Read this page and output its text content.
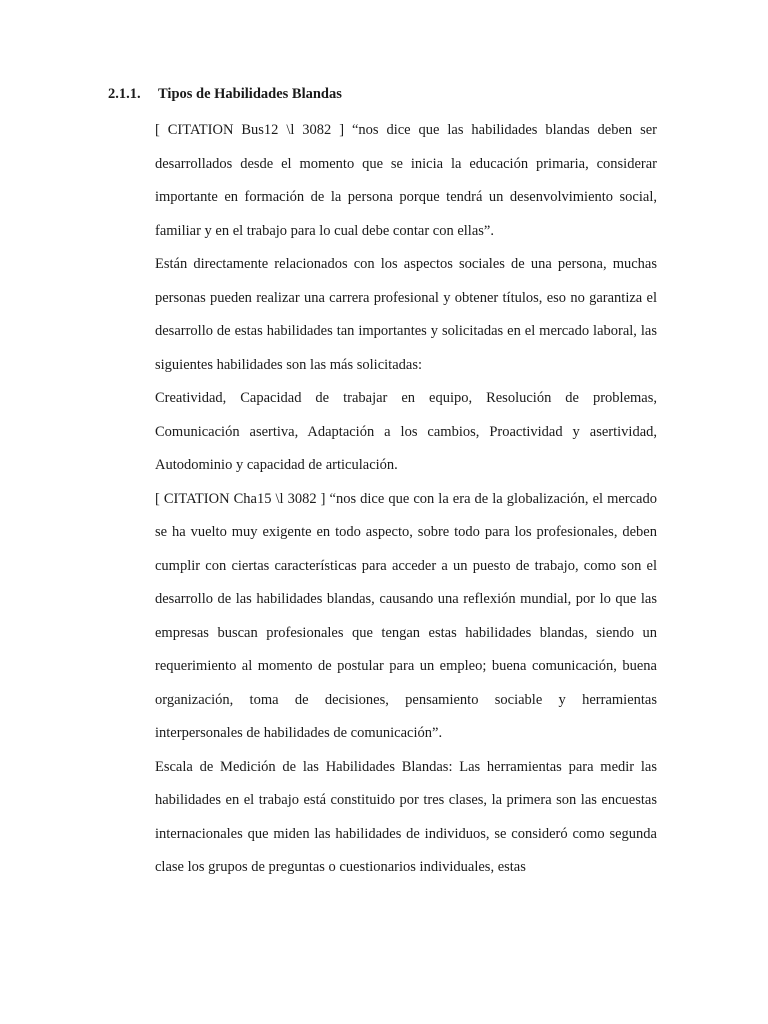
2.1.1. Tipos de Habilidades Blandas

[ CITATION Bus12 \l 3082 ] “nos dice que las habilidades blandas deben ser desarrollados desde el momento que se inicia la educación primaria, considerar importante en formación de la persona porque tendrá un desenvolvimiento social, familiar y en el trabajo para lo cual debe contar con ellas”.

Están directamente relacionados con los aspectos sociales de una persona, muchas personas pueden realizar una carrera profesional y obtener títulos, eso no garantiza el desarrollo de estas habilidades tan importantes y solicitadas en el mercado laboral, las siguientes habilidades son las más solicitadas:

Creatividad, Capacidad de trabajar en equipo, Resolución de problemas, Comunicación asertiva, Adaptación a los cambios, Proactividad y asertividad, Autodominio y capacidad de articulación.

[ CITATION Cha15 \l 3082 ] “nos dice que con la era de la globalización, el mercado se ha vuelto muy exigente en todo aspecto, sobre todo para los profesionales, deben cumplir con ciertas características para acceder a un puesto de trabajo, como son el desarrollo de las habilidades blandas, causando una reflexión mundial, por lo que las empresas buscan profesionales que tengan estas habilidades blandas, siendo un requerimiento al momento de postular para un empleo; buena comunicación, buena organización, toma de decisiones, pensamiento sociable y herramientas interpersonales de habilidades de comunicación”.

Escala de Medición de las Habilidades Blandas: Las herramientas para medir las habilidades en el trabajo está constituido por tres clases, la primera son las encuestas internacionales que miden las habilidades de individuos, se consideró como segunda clase los grupos de preguntas o cuestionarios individuales, estas
